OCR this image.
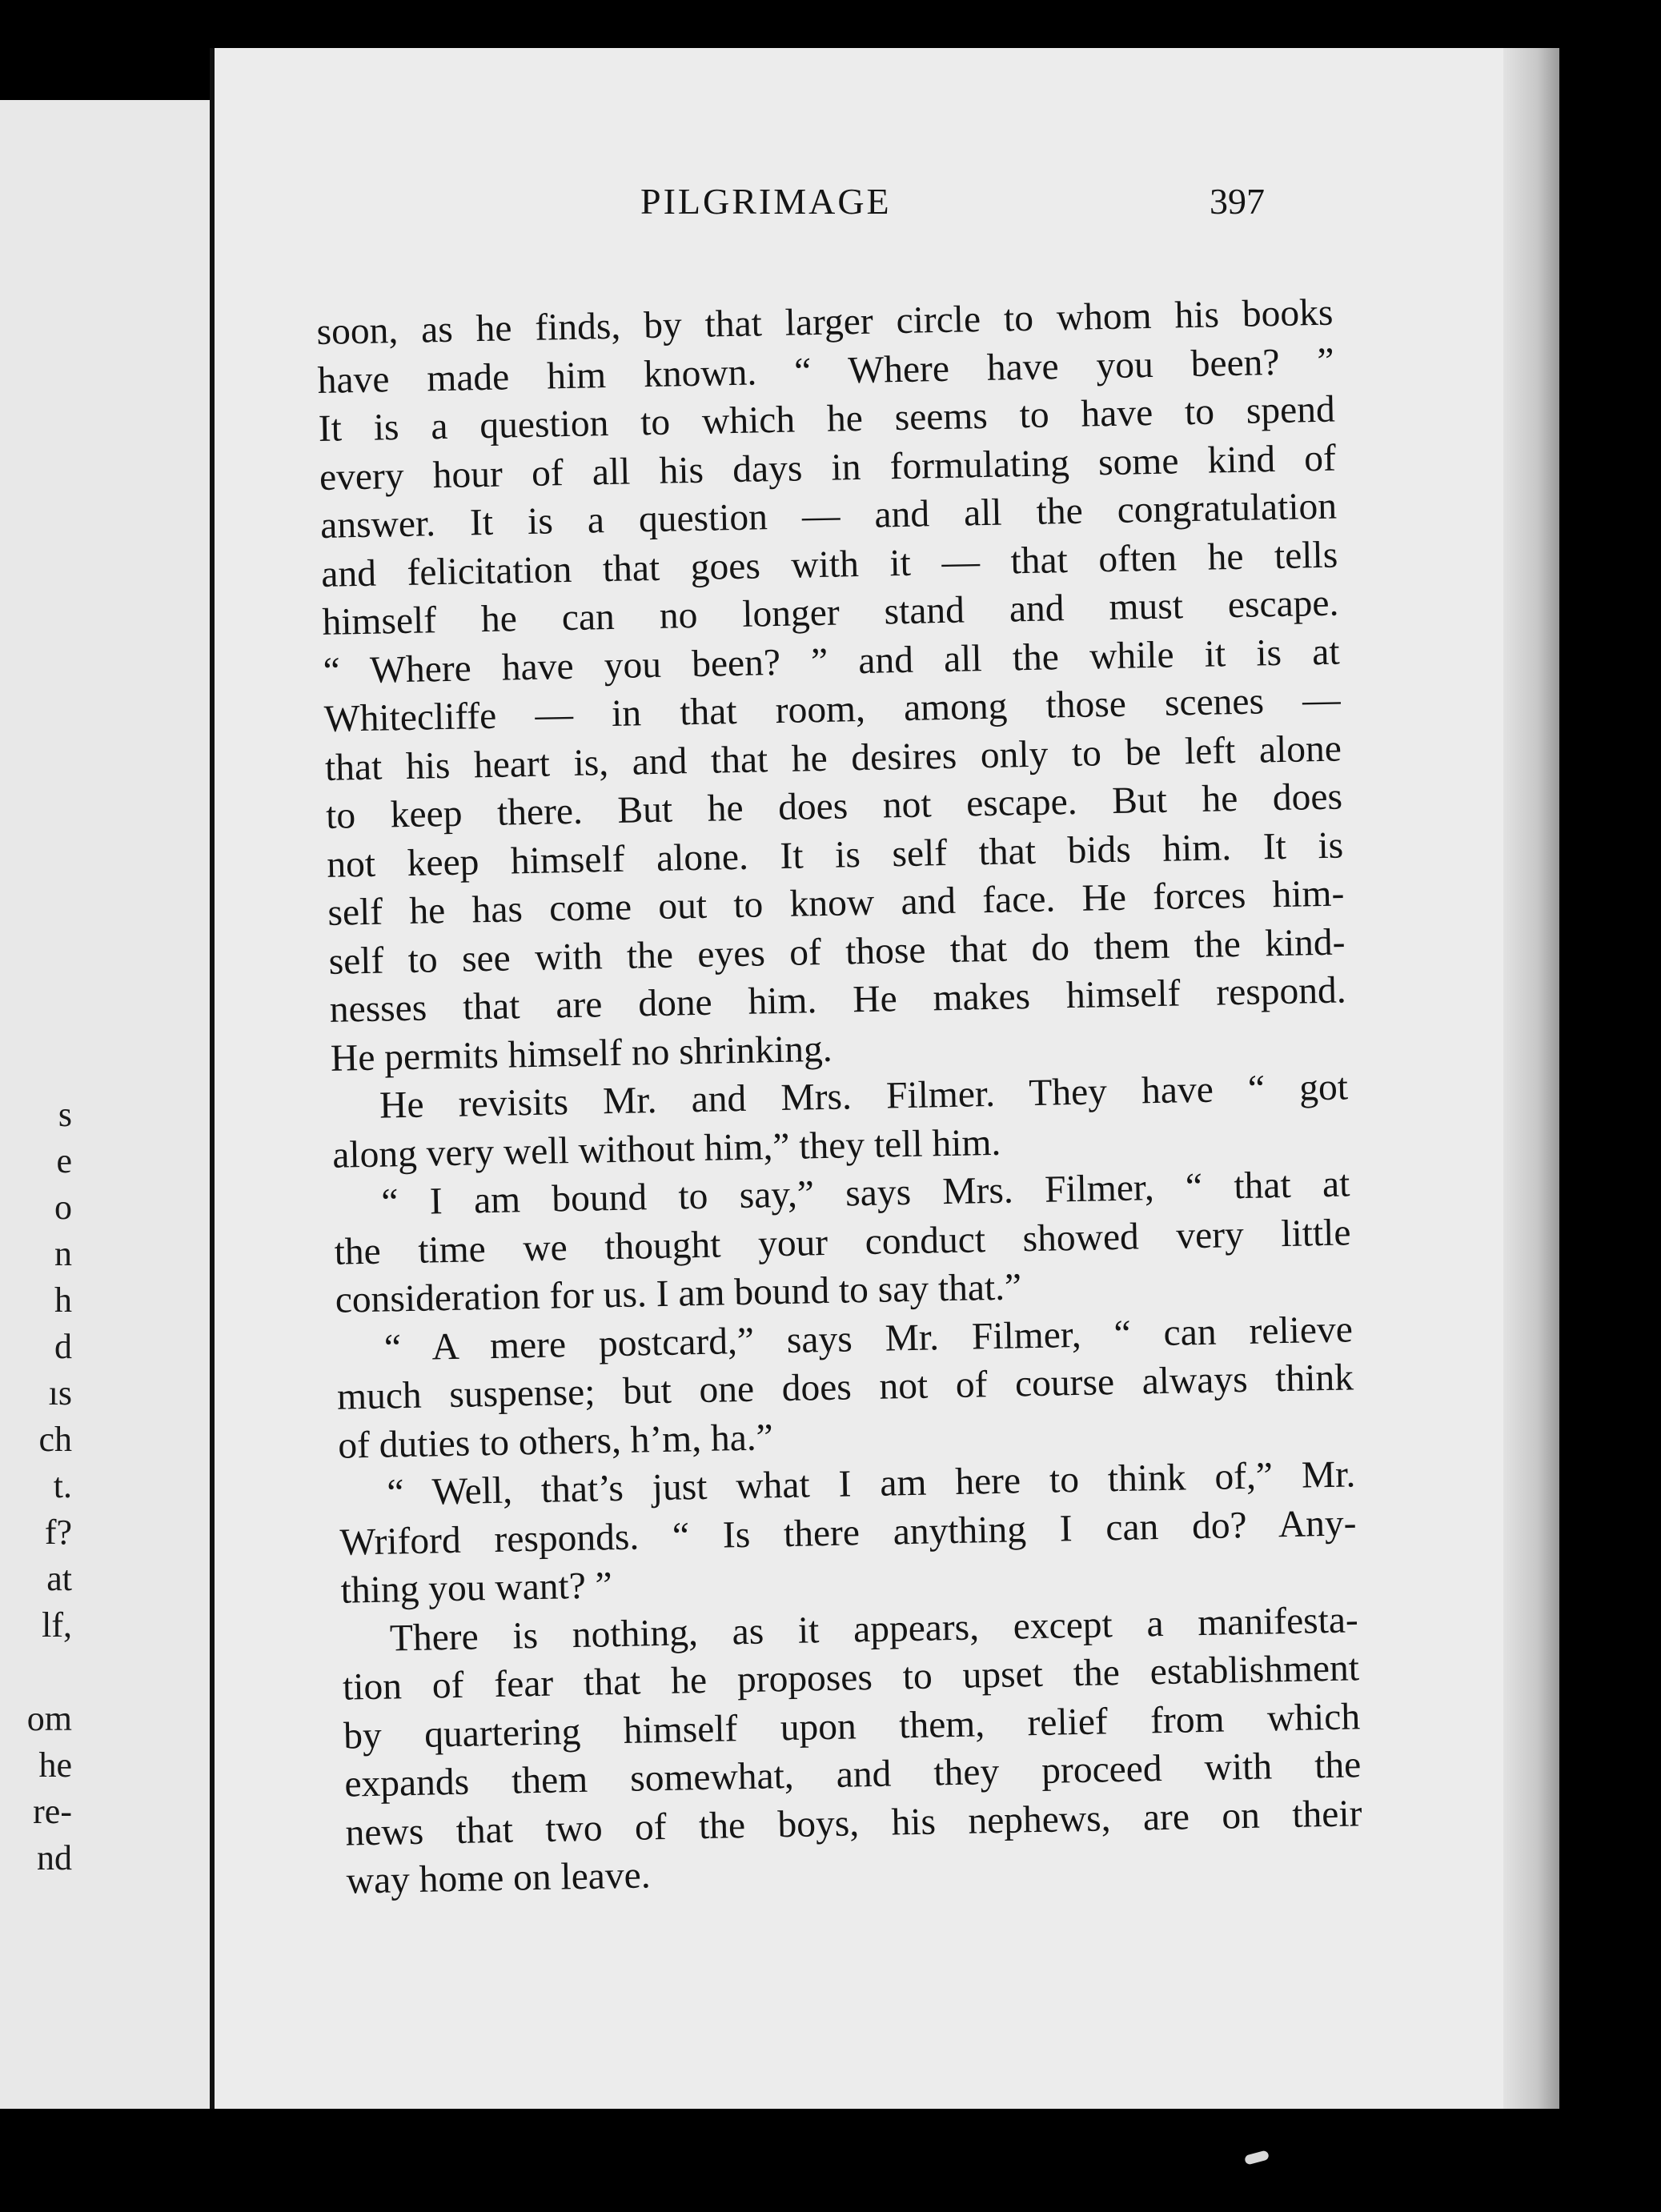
s
e
o
n
h
d
ıs
ch
t.
f?
at
lf,
om
he
re-
nd
PILGRIMAGE	397
soon, as he finds, by that larger circle to whom his books
have made him known. “ Where have you been? ”
It is a question to which he seems to have to spend
every hour of all his days in formulating some kind of
answer. It is a question — and all the congratulation
and felicitation that goes with it — that often he tells
himself he can no longer stand and must escape.
“ Where have you been? ” and all the while it is at
Whitecliffe — in that room, among those scenes —
that his heart is, and that he desires only to be left alone
to keep there. But he does not escape. But he does
not keep himself alone. It is self that bids him. It is
self he has come out to know and face. He forces him-
self to see with the eyes of those that do them the kind-
nesses that are done him. He makes himself respond.
He permits himself no shrinking.
He revisits Mr. and Mrs. Filmer. They have “ got
along very well without him,” they tell him.
“ I am bound to say,” says Mrs. Filmer, “ that at
the time we thought your conduct showed very little
consideration for us. I am bound to say that.”
“ A mere postcard,” says Mr. Filmer, “ can relieve
much suspense; but one does not of course always think
of duties to others, h’m, ha.”
“ Well, that’s just what I am here to think of,” Mr.
Wriford responds. “ Is there anything I can do? Any-
thing you want? ”
There is nothing, as it appears, except a manifesta-
tion of fear that he proposes to upset the establishment
by quartering himself upon them, relief from which
expands them somewhat, and they proceed with the
news that two of the boys, his nephews, are on their
way home on leave.
